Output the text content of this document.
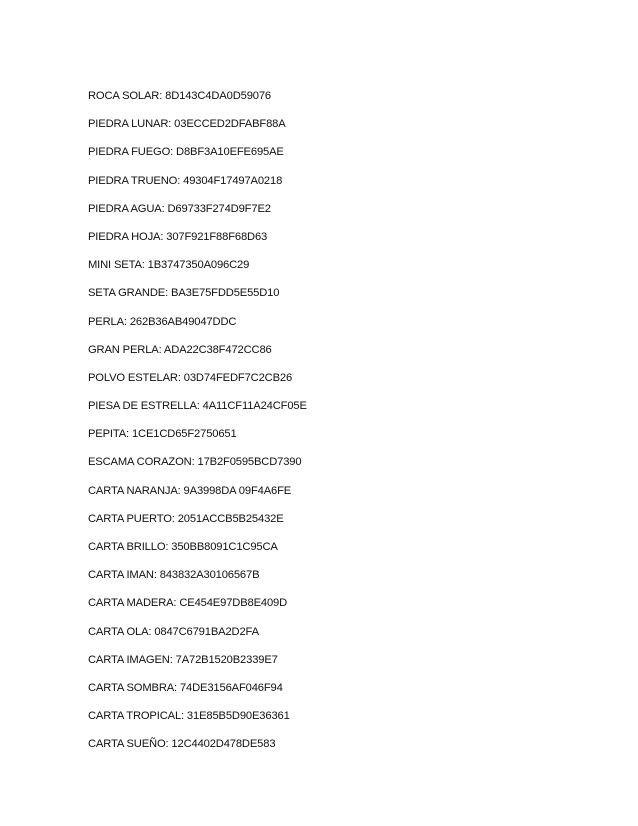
ROCA SOLAR: 8D143C4DA0D59076
PIEDRA LUNAR: 03ECCED2DFABF88A
PIEDRA FUEGO: D8BF3A10EFE695AE
PIEDRA TRUENO: 49304F17497A0218
PIEDRA AGUA: D69733F274D9F7E2
PIEDRA HOJA: 307F921F88F68D63
MINI SETA: 1B3747350A096C29
SETA GRANDE: BA3E75FDD5E55D10
PERLA: 262B36AB49047DDC
GRAN PERLA: ADA22C38F472CC86
POLVO ESTELAR: 03D74FEDF7C2CB26
PIESA DE ESTRELLA: 4A11CF11A24CF05E
PEPITA: 1CE1CD65F2750651
ESCAMA CORAZON: 17B2F0595BCD7390
CARTA NARANJA: 9A3998DA 09F4A6FE
CARTA PUERTO: 2051ACCB5B25432E
CARTA BRILLO: 350BB8091C1C95CA
CARTA IMAN: 843832A30106567B
CARTA MADERA: CE454E97DB8E409D
CARTA OLA: 0847C6791BA2D2FA
CARTA IMAGEN: 7A72B1520B2339E7
CARTA SOMBRA: 74DE3156AF046F94
CARTA TROPICAL: 31E85B5D90E36361
CARTA SUEÑO: 12C4402D478DE583
